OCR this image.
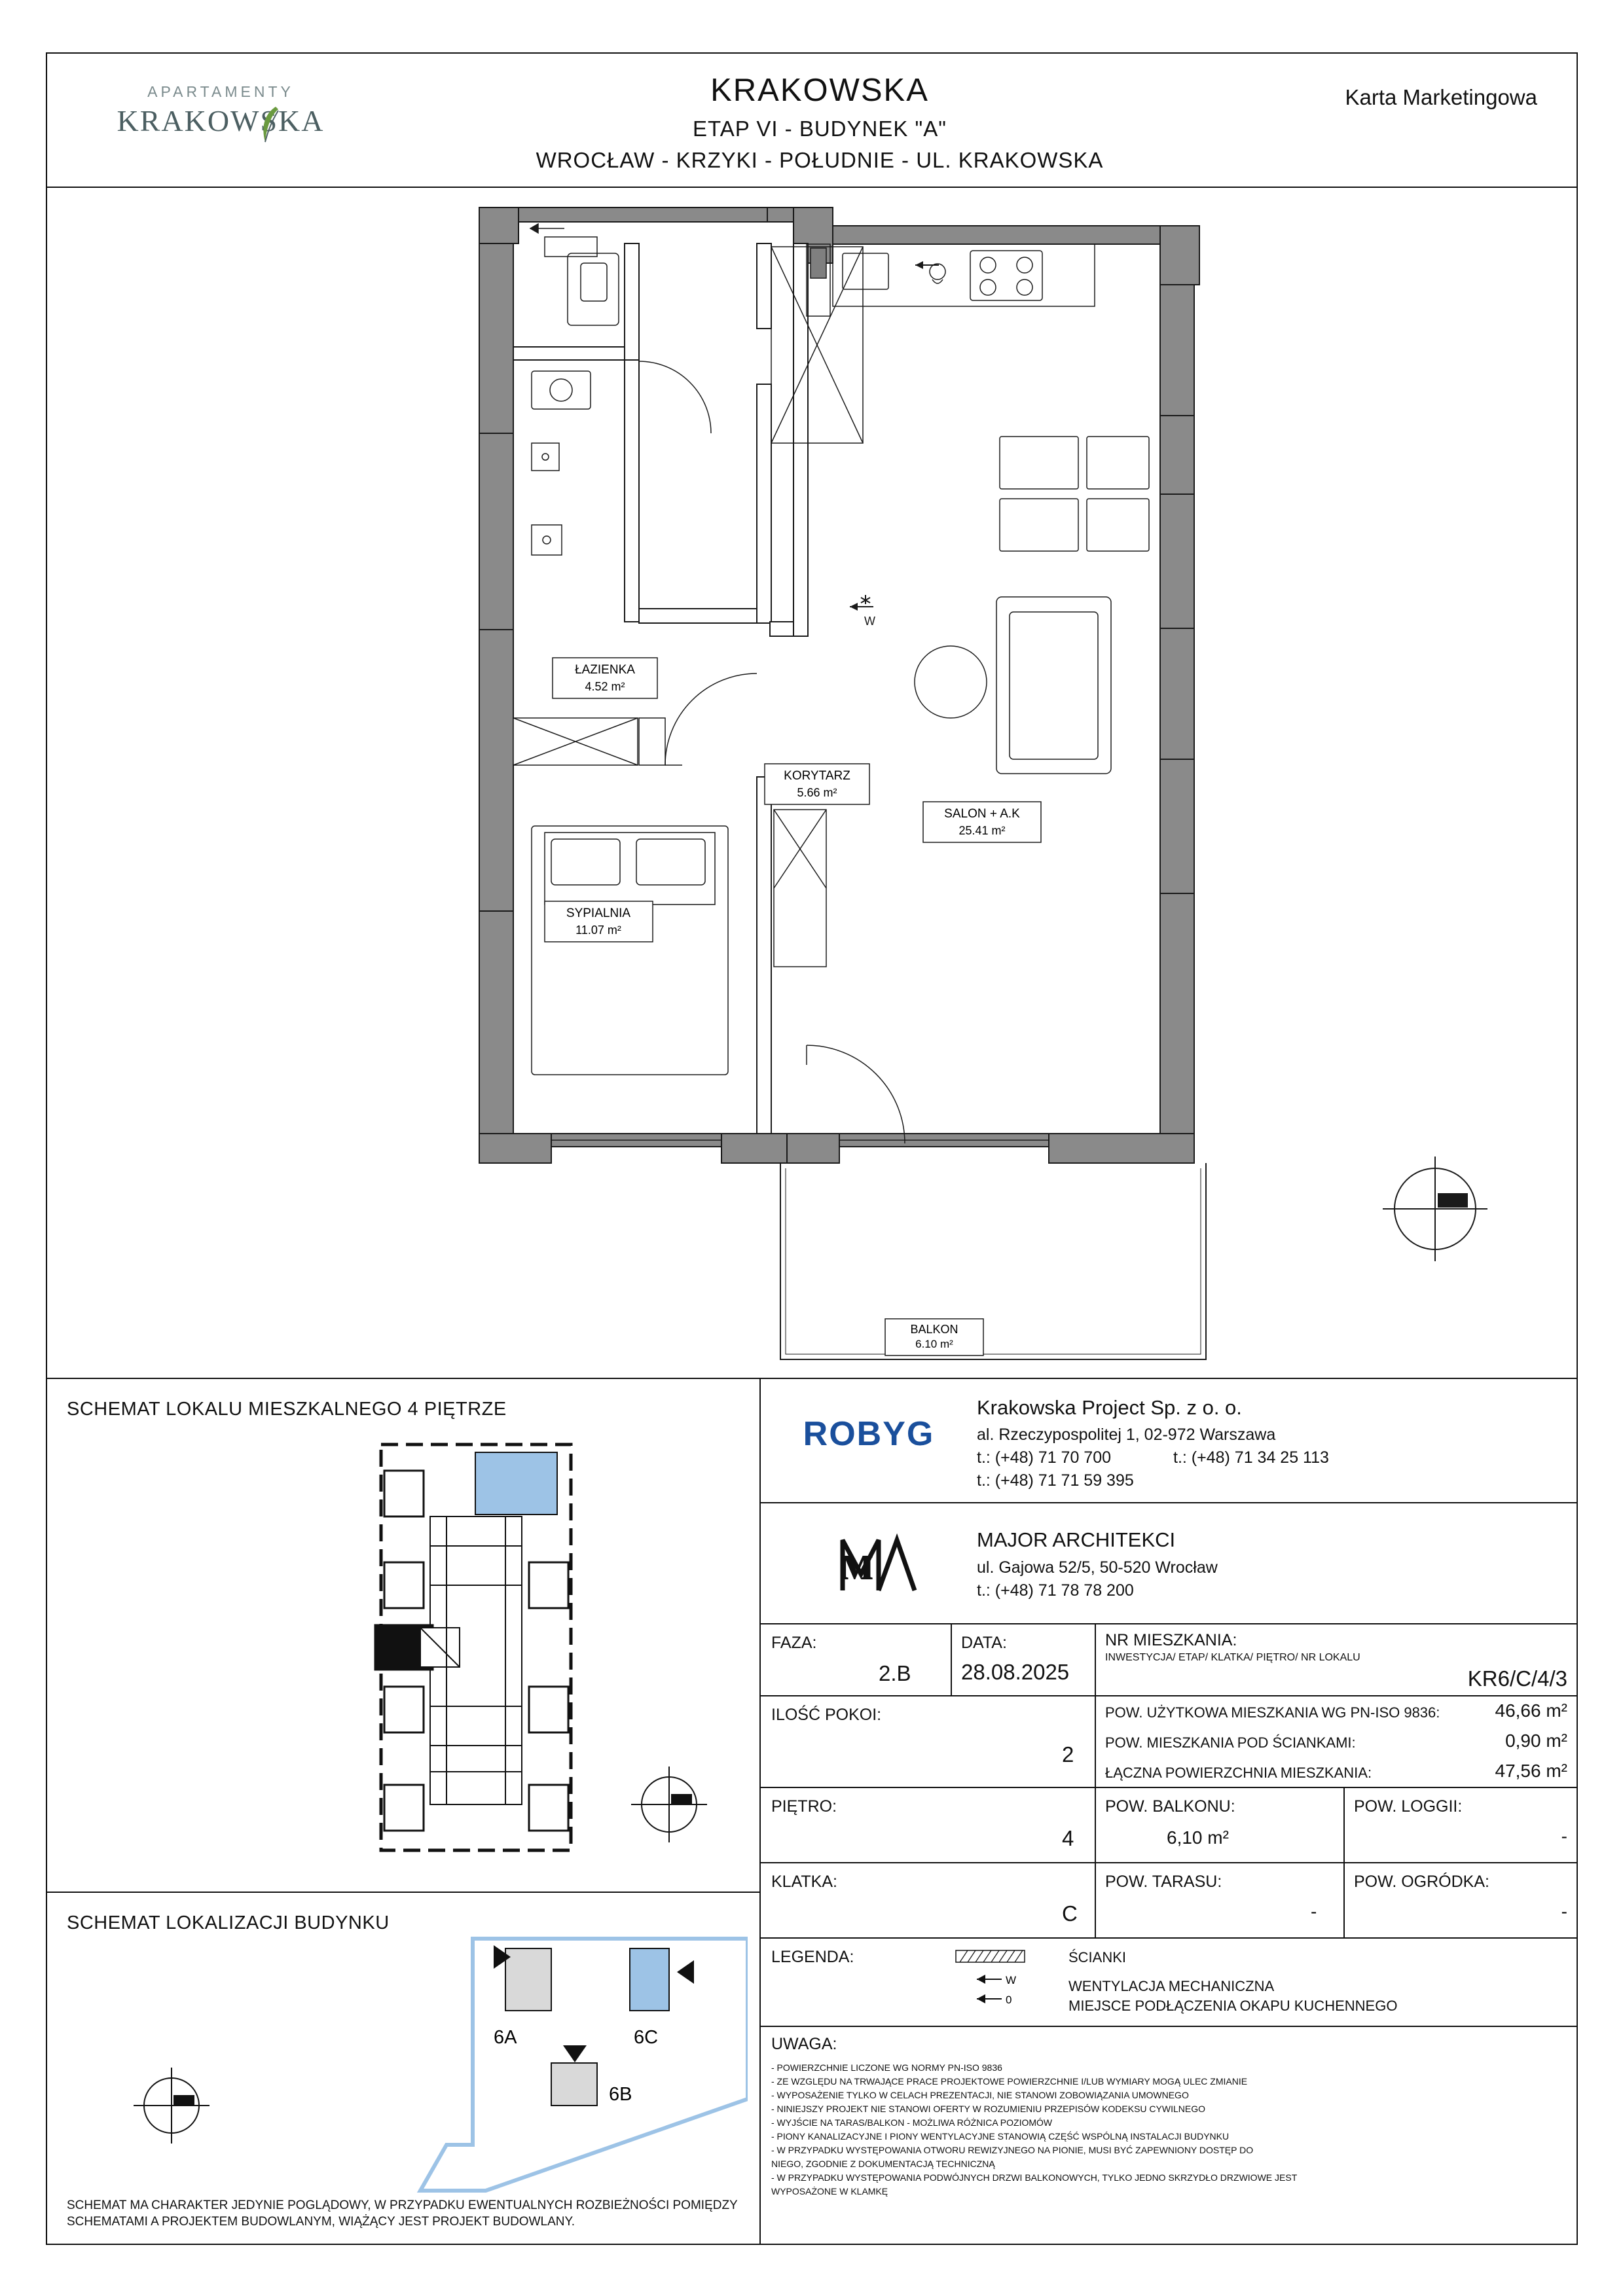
APARTAMENTY
KRAKOWSKA
KRAKOWSKA
ETAP VI - BUDYNEK "A"
WROCŁAW - KRZYKI - POŁUDNIE - UL. KRAKOWSKA
Karta Marketingowa
ŁAZIENKA
4.52 m²
KORYTARZ
5.66 m²
SALON + A.K
25.41 m²
SYPIALNIA
11.07 m²
BALKON
6.10 m²
W
SCHEMAT LOKALU MIESZKALNEGO 4 PIĘTRZE
SCHEMAT LOKALIZACJI BUDYNKU
6A	6C
6B
SCHEMAT MA CHARAKTER JEDYNIE POGLĄDOWY, W PRZYPADKU EWENTUALNYCH ROZBIEŻNOŚCI POMIĘDZY SCHEMATAMI A PROJEKTEM BUDOWLANYM, WIĄŻĄCY JEST PROJEKT BUDOWLANY.
ROBYG
Krakowska Project Sp. z o. o.
al. Rzeczypospolitej 1, 02-972 Warszawa
t.: (+48) 71 70 700	t.: (+48) 71 34 25 113
t.: (+48) 71 71 59 395
ᴍ	MAJOR ARCHITEKCI
ul. Gajowa 52/5, 50-520 Wrocław
t.: (+48) 71 78 78 200
FAZA:
2.B
DATA:
28.08.2025
NR MIESZKANIA:
INWESTYCJA/ ETAP/ KLATKA/ PIĘTRO/ NR LOKALU
KR6/C/4/3
ILOŚĆ POKOI:
2
POW. UŻYTKOWA MIESZKANIA WG PN-ISO 9836:	46,66 m²
POW. MIESZKANIA POD ŚCIANKAMI:	0,90 m²
ŁĄCZNA POWIERZCHNIA MIESZKANIA:	47,56 m²
PIĘTRO:
4
POW. BALKONU:
6,10 m²
POW. LOGGII:
-
KLATKA:
C
POW. TARASU:
-
POW. OGRÓDKA:
-
LEGENDA:
W
0
ŚCIANKI
WENTYLACJA MECHANICZNA
MIEJSCE PODŁĄCZENIA OKAPU KUCHENNEGO
UWAGA:
- POWIERZCHNIE LICZONE WG NORMY PN-ISO 9836
- ZE WZGLĘDU NA TRWAJĄCE PRACE PROJEKTOWE POWIERZCHNIE I/LUB WYMIARY MOGĄ ULEC ZMIANIE
- WYPOSAŻENIE TYLKO W CELACH PREZENTACJI, NIE STANOWI ZOBOWIĄZANIA UMOWNEGO
- NINIEJSZY PROJEKT NIE STANOWI OFERTY W ROZUMIENIU PRZEPISÓW KODEKSU CYWILNEGO
- WYJŚCIE NA TARAS/BALKON - MOŻLIWA RÓŻNICA POZIOMÓW
- PIONY KANALIZACYJNE I PIONY WENTYLACYJNE STANOWIĄ CZĘŚĆ WSPÓLNĄ INSTALACJI BUDYNKU
- W PRZYPADKU WYSTĘPOWANIA OTWORU REWIZYJNEGO NA PIONIE, MUSI BYĆ ZAPEWNIONY DOSTĘP DO
NIEGO, ZGODNIE Z DOKUMENTACJĄ TECHNICZNĄ
- W PRZYPADKU WYSTĘPOWANIA PODWÓJNYCH DRZWI BALKONOWYCH, TYLKO JEDNO SKRZYDŁO DRZWIOWE JEST
WYPOSAŻONE W KLAMKĘ
